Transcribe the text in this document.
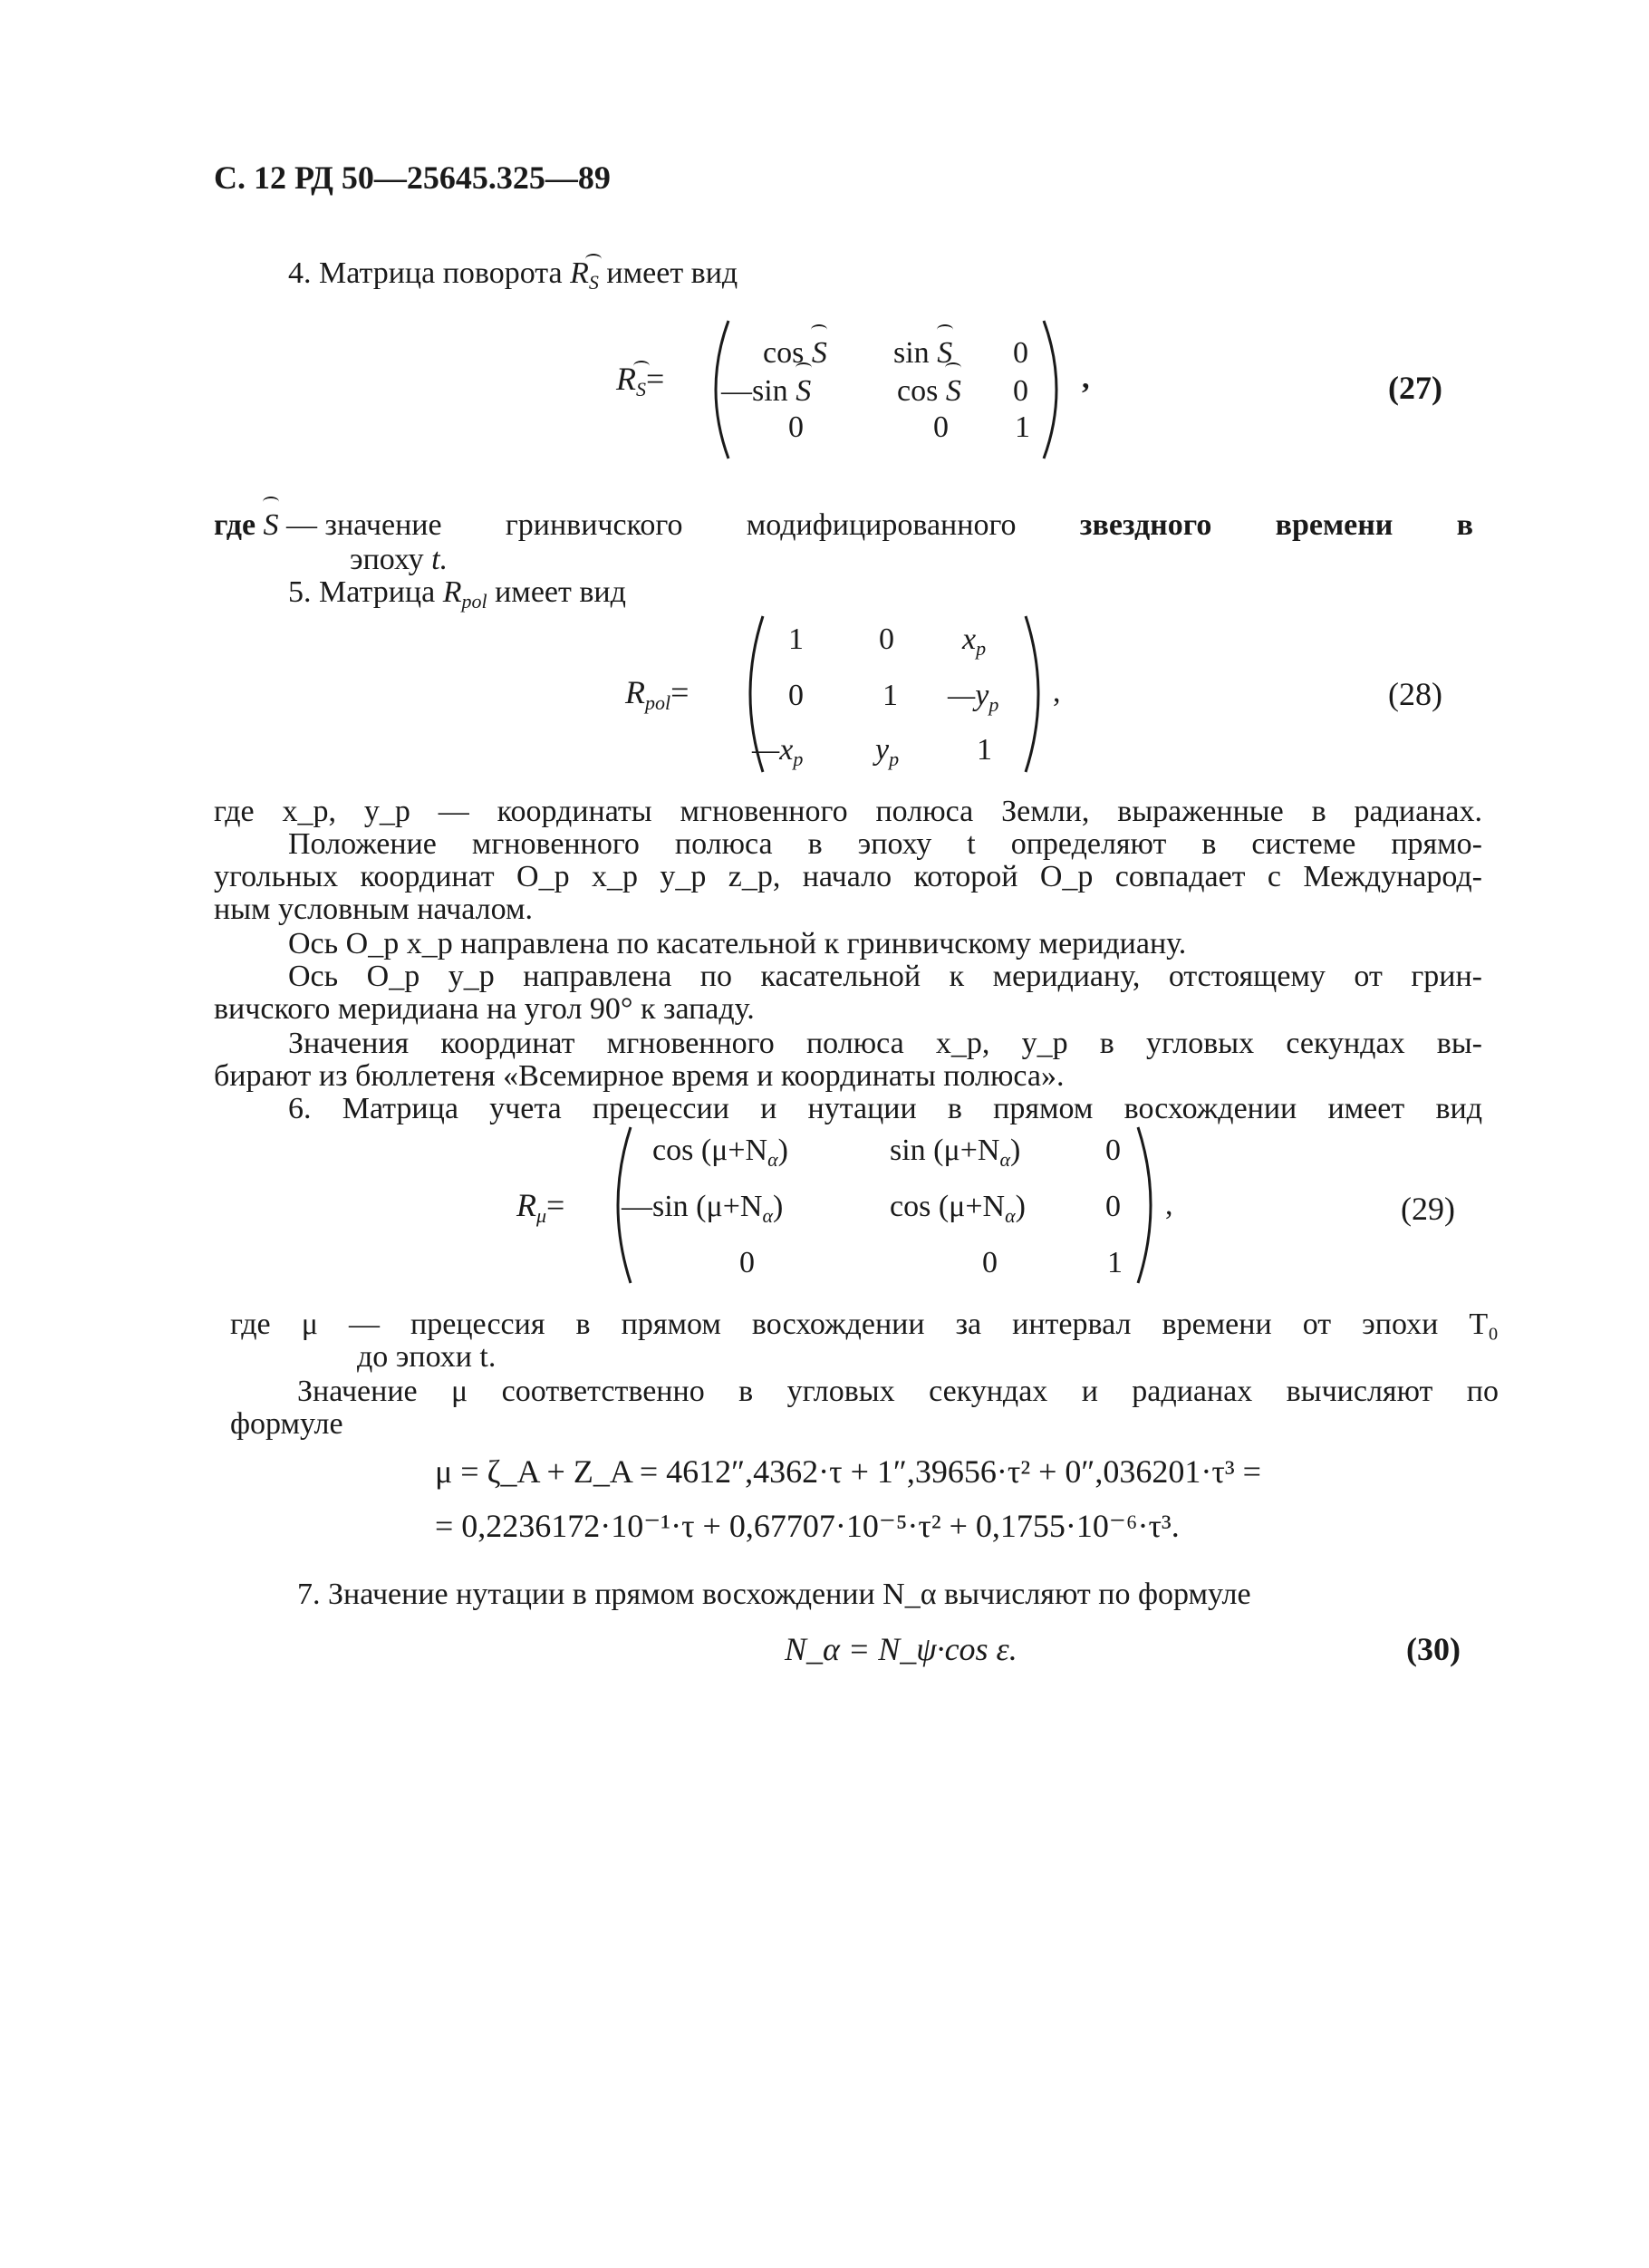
С. 12 РД 50—25645.325—89
4. Матрица поворота $R_S$ имеет вид
$R_S=$
cos S sin S 0
—sin S	cos S 0
0	0 1
,	(27)
где S — значение гринвичского модифицированного звездного времени в
эпоху t.
5. Матрица $R_{pol}$ имеет вид
$R_{pol}=$
1 0 $x_p$
0	1 $—y_p$
$—x_p$ $y_p$	1
,	(28)
где x_p, y_p — координаты мгновенного полюса Земли, выраженные в радианах.
Положение мгновенного полюса в эпоху t определяют в системе прямо-
угольных координат O_p x_p y_p z_p, начало которой O_p совпадает с Международ-
ным условным началом.
Ось O_p x_p направлена по касательной к гринвичскому меридиану.
Ось O_p y_p направлена по касательной к меридиану, отстоящему от грин-
вичского меридиана на угол 90° к западу.
Значения координат мгновенного полюса x_p, y_p в угловых секундах вы-
бирают из бюллетеня «Всемирное время и координаты полюса».
6. Матрица учета прецессии и нутации в прямом восхождении имеет вид
$R_\mu=$
$\cos (\mu+N_\alpha)$	$\sin (\mu+N_\alpha)$	0
—sin $(\mu+N_\alpha)$	$\cos (\mu+N_\alpha)$	0
0	0	1
,	(29)
где μ — прецессия в прямом восхождении за интервал времени от эпохи T₀
до эпохи t.
Значение μ соответственно в угловых секундах и радианах вычисляют по
формуле
μ = ζ_A + Z_A = 4612″,4362·τ + 1″,39656·τ² + 0″,036201·τ³ =
= 0,2236172·10⁻¹·τ + 0,67707·10⁻⁵·τ² + 0,1755·10⁻⁶·τ³.
7. Значение нутации в прямом восхождении N_α вычисляют по формуле
N_α = N_ψ·cos ε.	(30)
